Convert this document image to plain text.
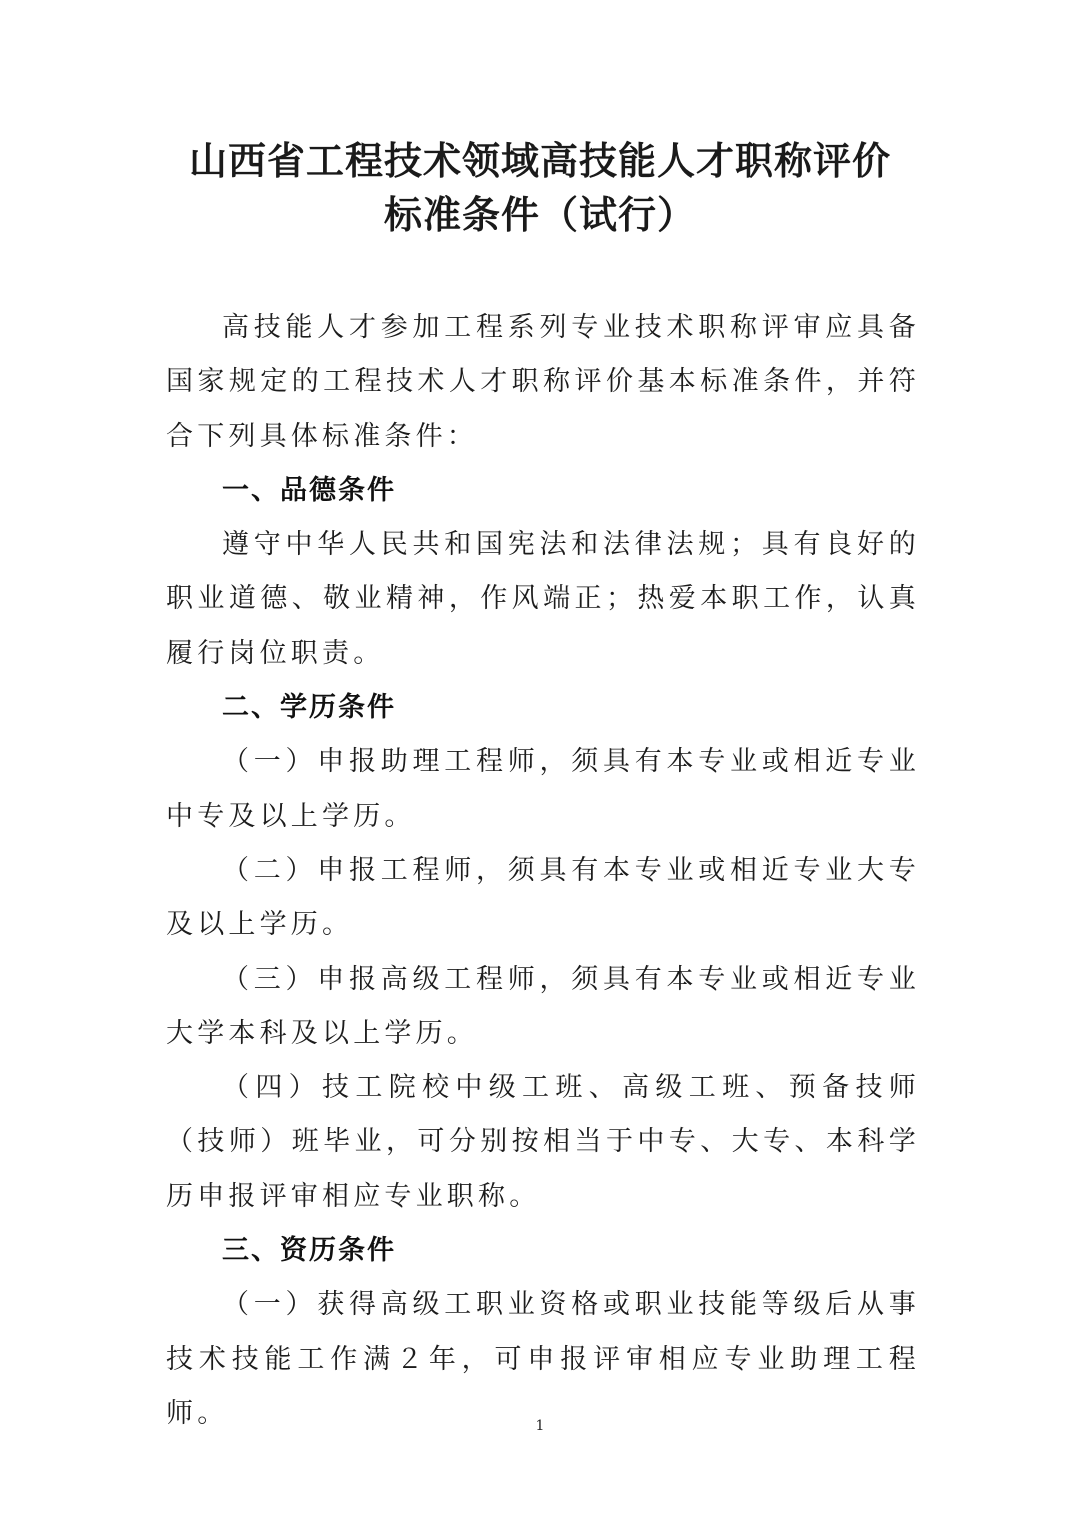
山西省工程技术领域高技能人才职称评价
标准条件（试行）

高技能人才参加工程系列专业技术职称评审应具备国家规定的工程技术人才职称评价基本标准条件，并符合下列具体标准条件：

一、品德条件

遵守中华人民共和国宪法和法律法规；具有良好的职业道德、敬业精神，作风端正；热爱本职工作，认真履行岗位职责。

二、学历条件

（一）申报助理工程师，须具有本专业或相近专业中专及以上学历。

（二）申报工程师，须具有本专业或相近专业大专及以上学历。

（三）申报高级工程师，须具有本专业或相近专业大学本科及以上学历。

（四）技工院校中级工班、高级工班、预备技师（技师）班毕业，可分别按相当于中专、大专、本科学历申报评审相应专业职称。

三、资历条件

（一）获得高级工职业资格或职业技能等级后从事技术技能工作满２年，可申报评审相应专业助理工程师。	1
